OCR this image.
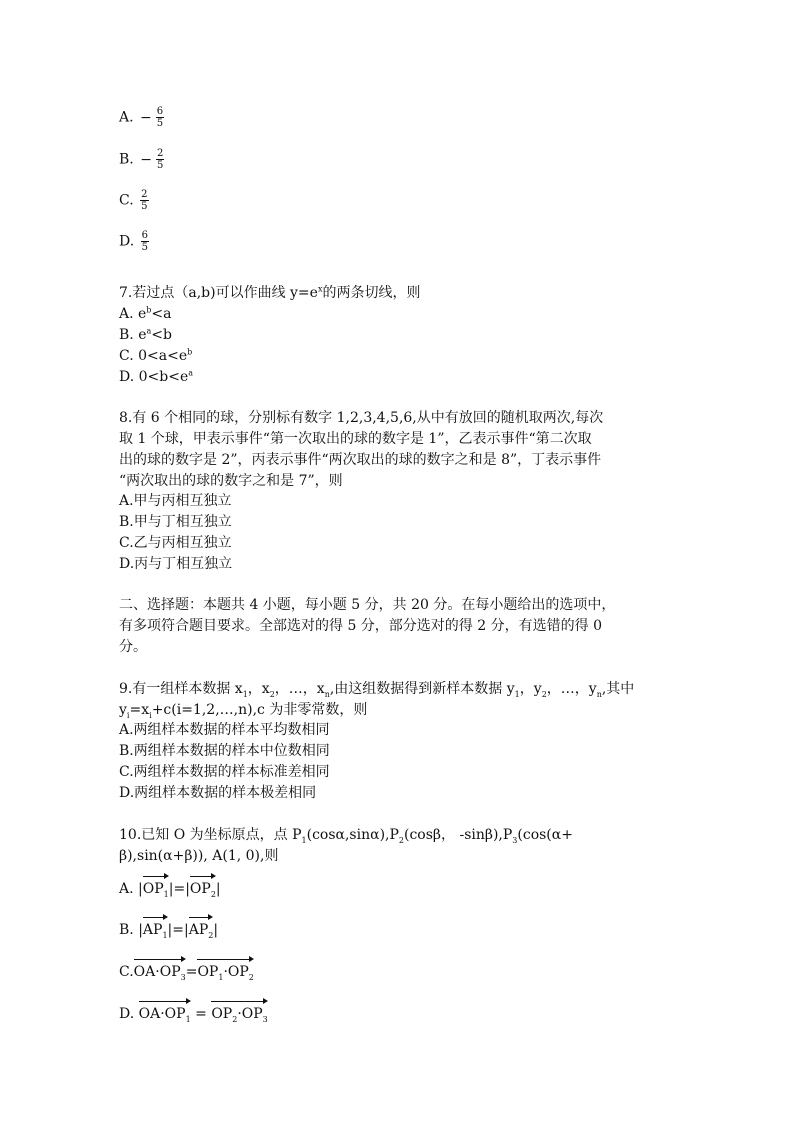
A. − $\frac{6}{5}$
B. − $\frac{2}{5}$
C. $\frac{2}{5}$
D. $\frac{6}{5}$
7.若过点（a,b)可以作曲线 $y=e^x$的两条切线，则
A. $e^b<a$
B. $e^a<b$
C. $0<a<e^b$
D. $0<b<e^a$
8.有 6 个相同的球，分别标有数字 1,2,3,4,5,6,从中有放回的随机取两次,每次
取 1 个球，甲表示事件“第一次取出的球的数字是 1”，乙表示事件“第二次取
出的球的数字是 2”，丙表示事件“两次取出的球的数字之和是 8”，丁表示事件
“两次取出的球的数字之和是 7”，则
A.甲与丙相互独立
B.甲与丁相互独立
C.乙与丙相互独立
D.丙与丁相互独立
二、选择题：本题共 4 小题，每小题 5 分，共 20 分。在每小题给出的选项中，
有多项符合题目要求。全部选对的得 5 分，部分选对的得 2 分，有选错的得 0
分。
9.有一组样本数据 $x_1$，$x_2$，…，$x_n$,由这组数据得到新样本数据 $y_1$，$y_2$，…，$y_n$,其中
$y_i=x_i+c(i=1,2,\dots,n),c$ 为非零常数，则
A.两组样本数据的样本平均数相同
B.两组样本数据的样本中位数相同
C.两组样本数据的样本标准差相同
D.两组样本数据的样本极差相同
10.已知 O 为坐标原点，点 $P_1(\cos\alpha,\sin\alpha),P_2(\cos\beta$， $-\sin\beta),P_3(\cos(\alpha+$
β),sin(α+β)), A(1, 0),则
A. |
$OP_1|=|$
$OP_2|$
B. |
$AP_1|=|$
$AP_2|$
C.
$OA\cdot OP_3=$
$OP_1\cdot OP_2$
D. $OA\cdot OP_1$ =
$OP_2\cdot OP_3$
